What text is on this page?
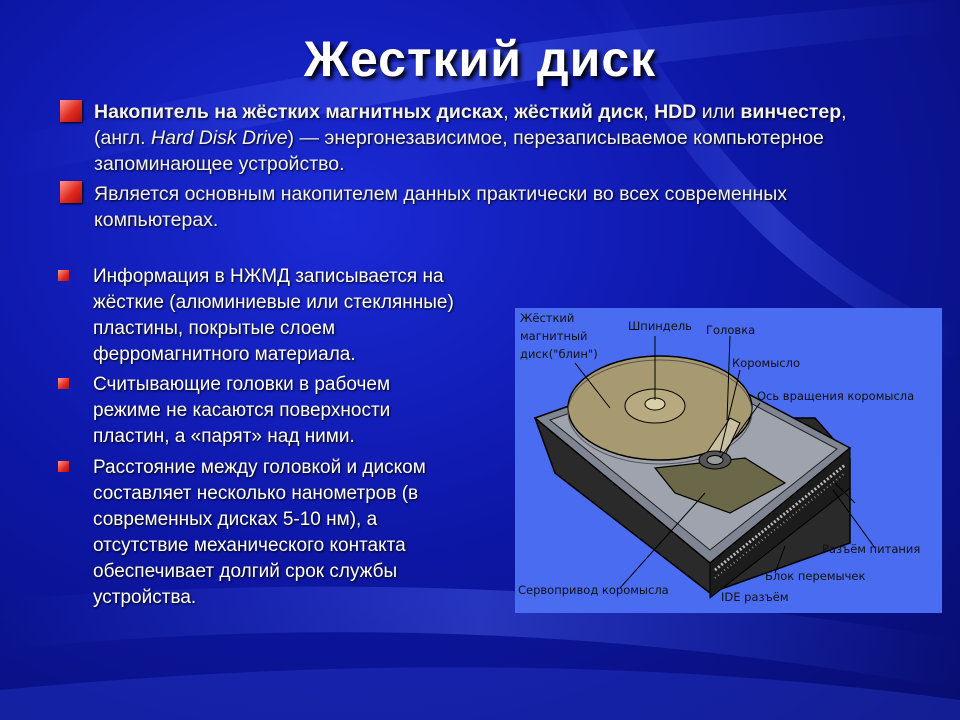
Жесткий диск
Накопитель на жёстких магнитных дисках, жёсткий диск, HDD или винчестер, (англ. Hard Disk Drive) — энергонезависимое, перезаписываемое компьютерное запоминающее устройство.
Является основным накопителем данных практически во всех современных компьютерах.
Информация в НЖМД записывается на жёсткие (алюминиевые или стеклянные) пластины, покрытые слоем ферромагнитного материала.
Считывающие головки в рабочем режиме не касаются поверхности пластин, а «парят» над ними.
Расстояние между головкой и диском составляет несколько нанометров (в современных дисках 5-10 нм), а отсутствие механического контакта обеспечивает долгий срок службы устройства.
Жёсткий
магнитный
диск("блин")
Шпиндель Головка
Коромысло
Ось вращения коромысла
Разъём питания
Блок перемычек
IDE разъём
Сервопривод коромысла
